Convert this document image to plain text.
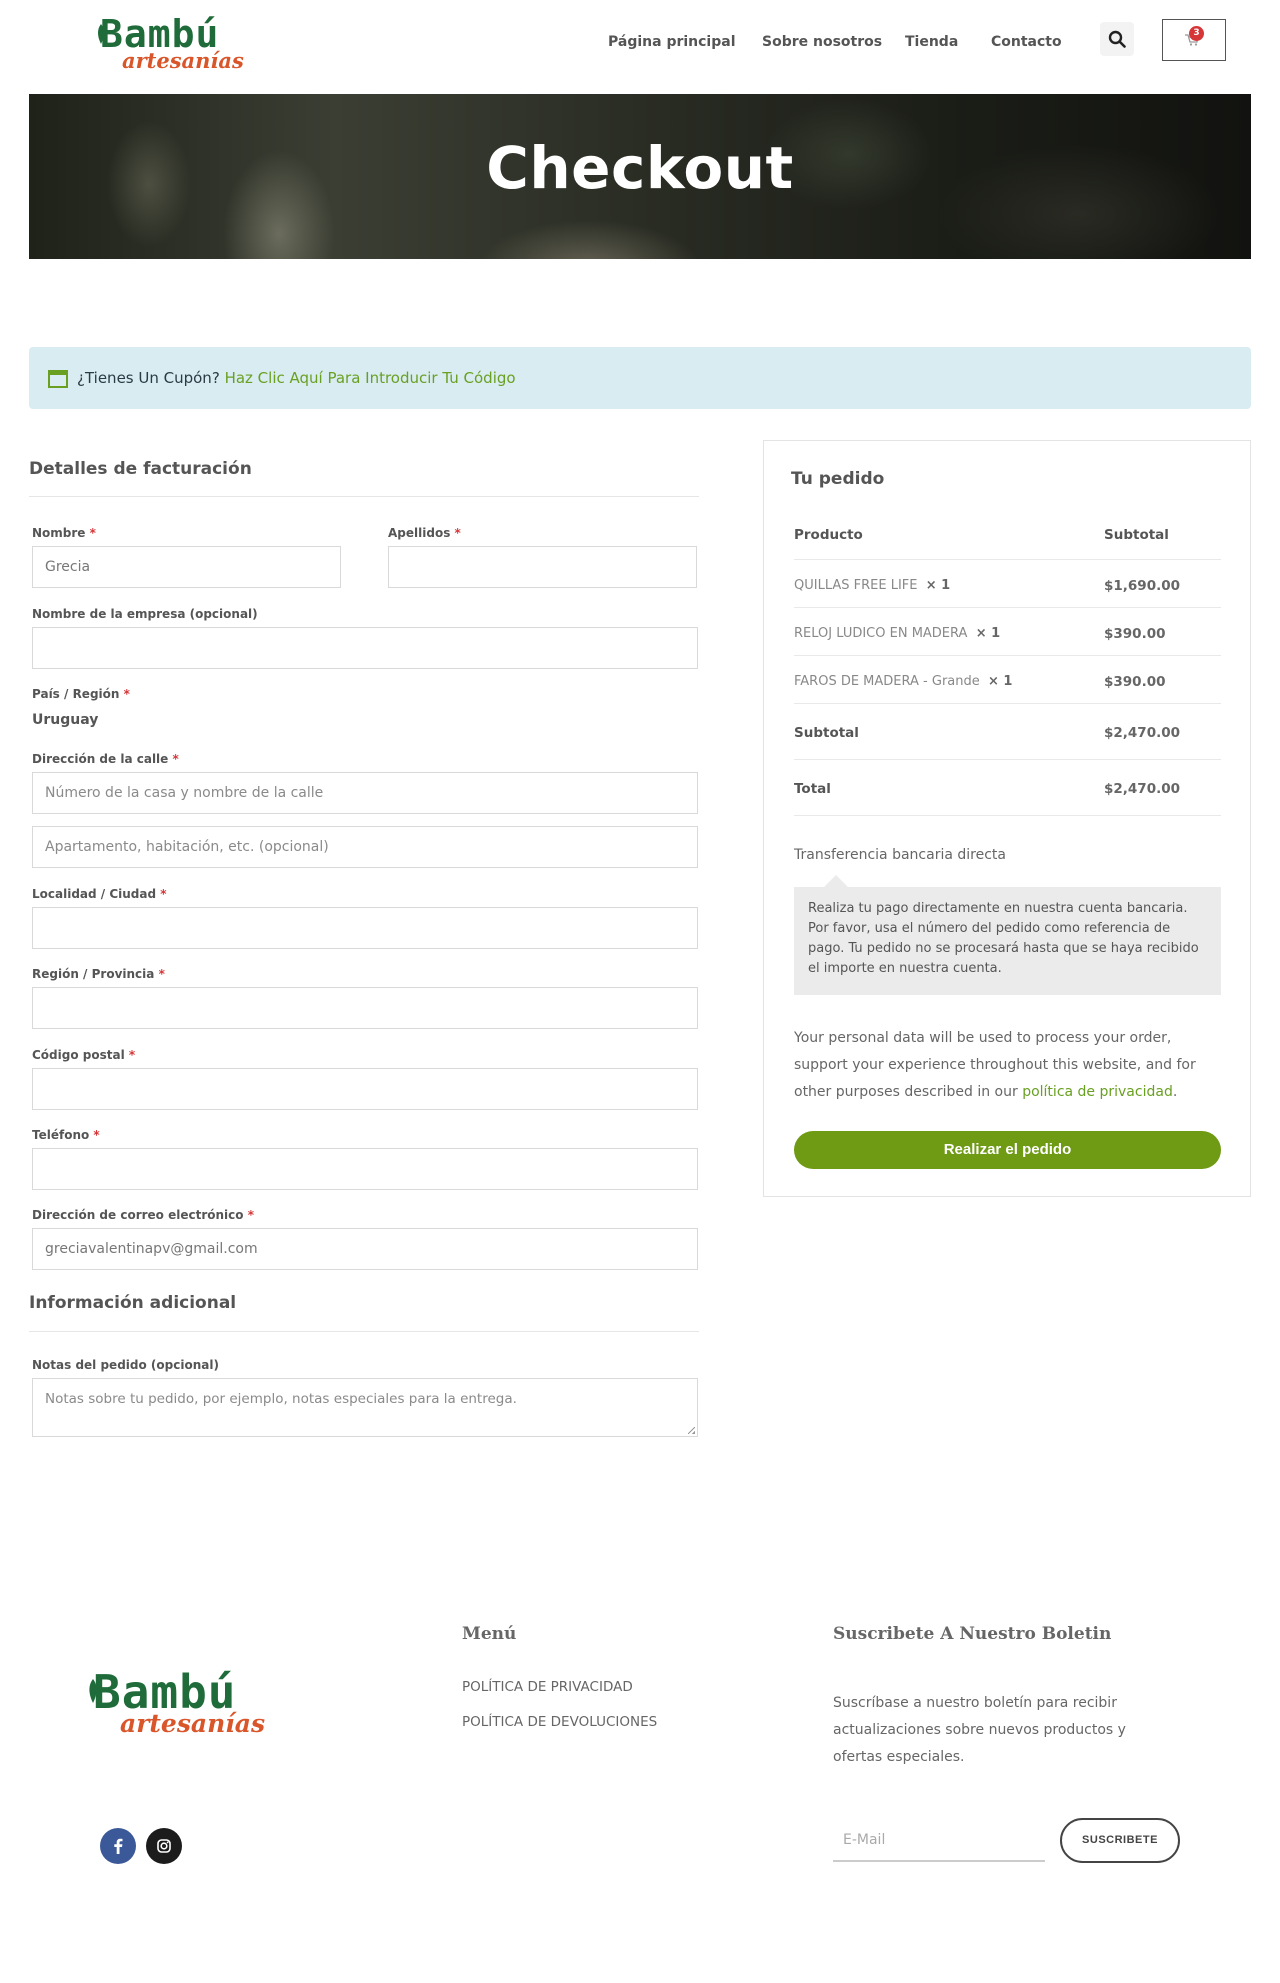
Bambú
artesanías
Página principal Sobre nosotros Tienda Contacto
3
Checkout
¿Tienes Un Cupón? Haz Clic Aquí Para Introducir Tu Código
Detalles de facturación
Nombre *
Grecia
Apellidos *
Nombre de la empresa (opcional)
País / Región *
Uruguay
Dirección de la calle *
Número de la casa y nombre de la calle
Apartamento, habitación, etc. (opcional)
Localidad / Ciudad *
Región / Provincia *
Código postal *
Teléfono *
Dirección de correo electrónico *
greciavalentinapv@gmail.com
Información adicional
Notas del pedido (opcional)
Notas sobre tu pedido, por ejemplo, notas especiales para la entrega.
Tu pedido
Producto	Subtotal
QUILLAS FREE LIFE × 1	$1,690.00
RELOJ LUDICO EN MADERA × 1	$390.00
FAROS DE MADERA - Grande × 1	$390.00
Subtotal	$2,470.00
Total	$2,470.00
Transferencia bancaria directa
Realiza tu pago directamente en nuestra cuenta bancaria. Por favor, usa el número del pedido como referencia de pago. Tu pedido no se procesará hasta que se haya recibido el importe en nuestra cuenta.

Your personal data will be used to process your order, support your experience throughout this website, and for other purposes described in our política de privacidad.

Realizar el pedido
Bambú
artesanías
Menú
POLÍTICA DE PRIVACIDAD
POLÍTICA DE DEVOLUCIONES
Suscribete A Nuestro Boletin

Suscríbase a nuestro boletín para recibir actualizaciones sobre nuevos productos y ofertas especiales.

E-Mail	SUSCRIBETE
